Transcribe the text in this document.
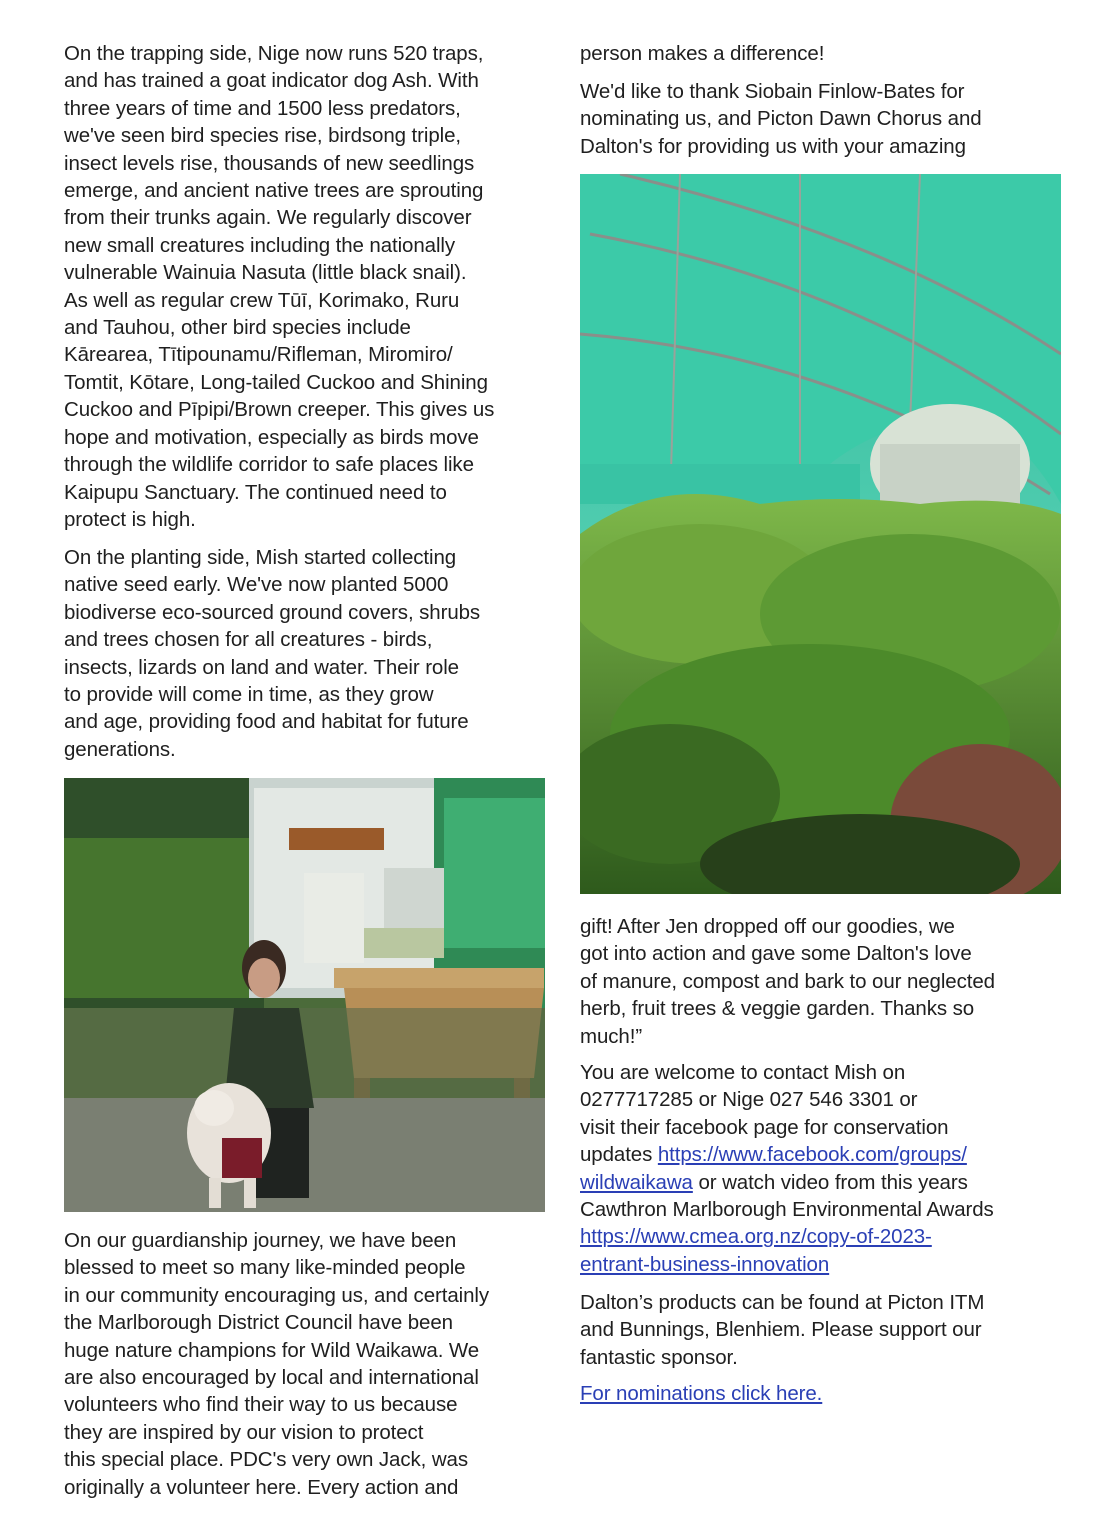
On the trapping side, Nige now runs 520 traps,
and has trained a goat indicator dog Ash. With
three years of time and 1500 less predators,
we've seen bird species rise, birdsong triple,
insect levels rise, thousands of new seedlings
emerge, and ancient native trees are sprouting
from their trunks again. We regularly discover
new small creatures including the nationally
vulnerable Wainuia Nasuta (little black snail).
As well as regular crew Tūī, Korimako, Ruru
and Tauhou, other bird species include
Kārearea, Tītipounamu/Rifleman, Miromiro/
Tomtit, Kōtare, Long-tailed Cuckoo and Shining
Cuckoo and Pīpipi/Brown creeper. This gives us
hope and motivation, especially as birds move
through the wildlife corridor to safe places like
Kaipupu Sanctuary. The continued need to
protect is high.

On the planting side, Mish started collecting
native seed early. We've now planted 5000
biodiverse eco-sourced ground covers, shrubs
and trees chosen for all creatures - birds,
insects, lizards on land and water. Their role
to provide will come in time, as they grow
and age, providing food and habitat for future
generations.

On our guardianship journey, we have been
blessed to meet so many like-minded people
in our community encouraging us, and certainly
the Marlborough District Council have been
huge nature champions for Wild Waikawa. We
are also encouraged by local and international
volunteers who find their way to us because
they are inspired by our vision to protect
this special place. PDC's very own Jack, was
originally a volunteer here. Every action and

person makes a difference!

We'd like to thank Siobain Finlow-Bates for
nominating us, and Picton Dawn Chorus and
Dalton's for providing us with your amazing

gift! After Jen dropped off our goodies, we
got into action and gave some Dalton's love
of manure, compost and bark to our neglected
herb, fruit trees & veggie garden. Thanks so
much!”

You are welcome to contact Mish on
0277717285 or Nige 027 546 3301 or
visit their facebook page for conservation
updates https://www.facebook.com/groups/
wildwaikawa or watch video from this years
Cawthron Marlborough Environmental Awards
https://www.cmea.org.nz/copy-of-2023-
entrant-business-innovation

Dalton’s products can be found at Picton ITM
and Bunnings, Blenhiem. Please support our
fantastic sponsor.

For nominations click here.
